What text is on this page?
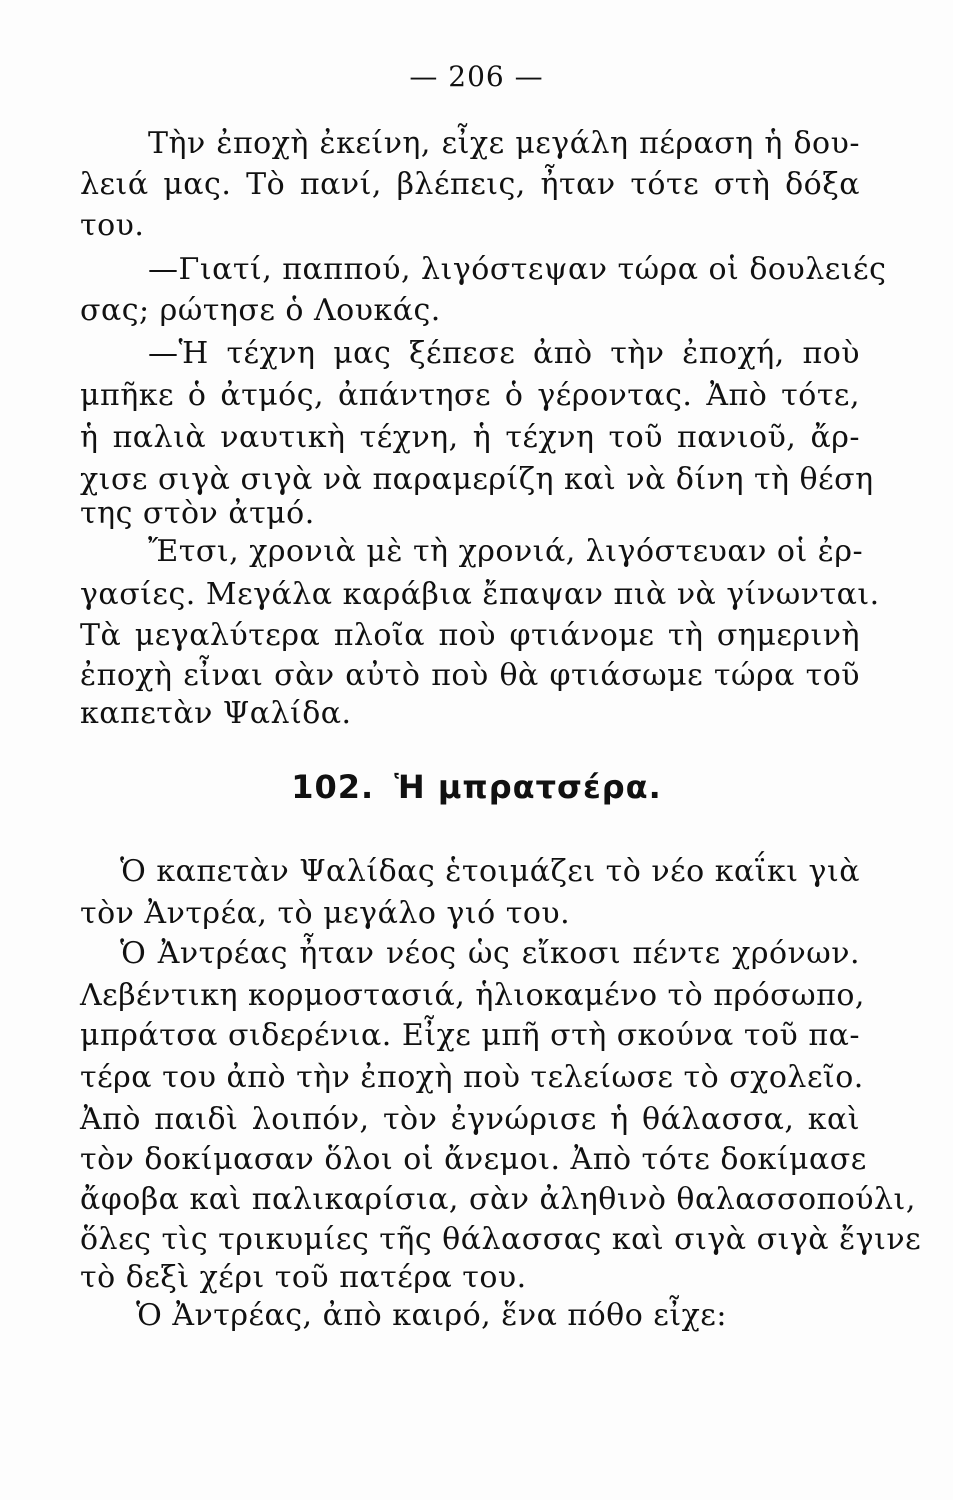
— 206 —
Τὴν ἐποχὴ ἐκείνη, εἶχε μεγάλη πέραση ἡ δου-
λειά μας. Τὸ πανί, βλέπεις, ἦταν τότε στὴ δόξα
του.
—Γιατί, παππού, λιγόστεψαν τώρα οἱ δουλειές
σας; ρώτησε ὁ Λουκάς.
—Ἡ τέχνη μας ξέπεσε ἀπὸ τὴν ἐποχή, ποὺ
μπῆκε ὁ ἀτμός, ἀπάντησε ὁ γέροντας. Ἀπὸ τότε,
ἡ παλιὰ ναυτικὴ τέχνη, ἡ τέχνη τοῦ πανιοῦ, ἄρ-
χισε σιγὰ σιγὰ νὰ παραμερίζη καὶ νὰ δίνη τὴ θέση
της στὸν ἀτμό.
Ἔτσι, χρονιὰ μὲ τὴ χρονιά, λιγόστευαν οἱ ἐρ-
γασίες. Μεγάλα καράβια ἔπαψαν πιὰ νὰ γίνωνται.
Τὰ μεγαλύτερα πλοῖα ποὺ φτιάνομε τὴ σημερινὴ
ἐποχὴ εἶναι σὰν αὐτὸ ποὺ θὰ φτιάσωμε τώρα τοῦ
καπετὰν Ψαλίδα.
102. Ἡ μπρατσέρα.
Ὁ καπετὰν Ψαλίδας ἑτοιμάζει τὸ νέο καΐκι γιὰ
τὸν Ἀντρέα, τὸ μεγάλο γιό του.
Ὁ Ἀντρέας ἦταν νέος ὡς εἴκοσι πέντε χρόνων.
Λεβέντικη κορμοστασιά, ἡλιοκαμένο τὸ πρόσωπο,
μπράτσα σιδερένια. Εἶχε μπῆ στὴ σκούνα τοῦ πα-
τέρα του ἀπὸ τὴν ἐποχὴ ποὺ τελείωσε τὸ σχολεῖο.
Ἀπὸ παιδὶ λοιπόν, τὸν ἐγνώρισε ἡ θάλασσα, καὶ
τὸν δοκίμασαν ὅλοι οἱ ἄνεμοι. Ἀπὸ τότε δοκίμασε
ἄφοβα καὶ παλικαρίσια, σὰν ἀληθινὸ θαλασσοπούλι,
ὅλες τὶς τρικυμίες τῆς θάλασσας καὶ σιγὰ σιγὰ ἔγινε
τὸ δεξὶ χέρι τοῦ πατέρα του.
Ὁ Ἀντρέας, ἀπὸ καιρό, ἕνα πόθο εἶχε:
